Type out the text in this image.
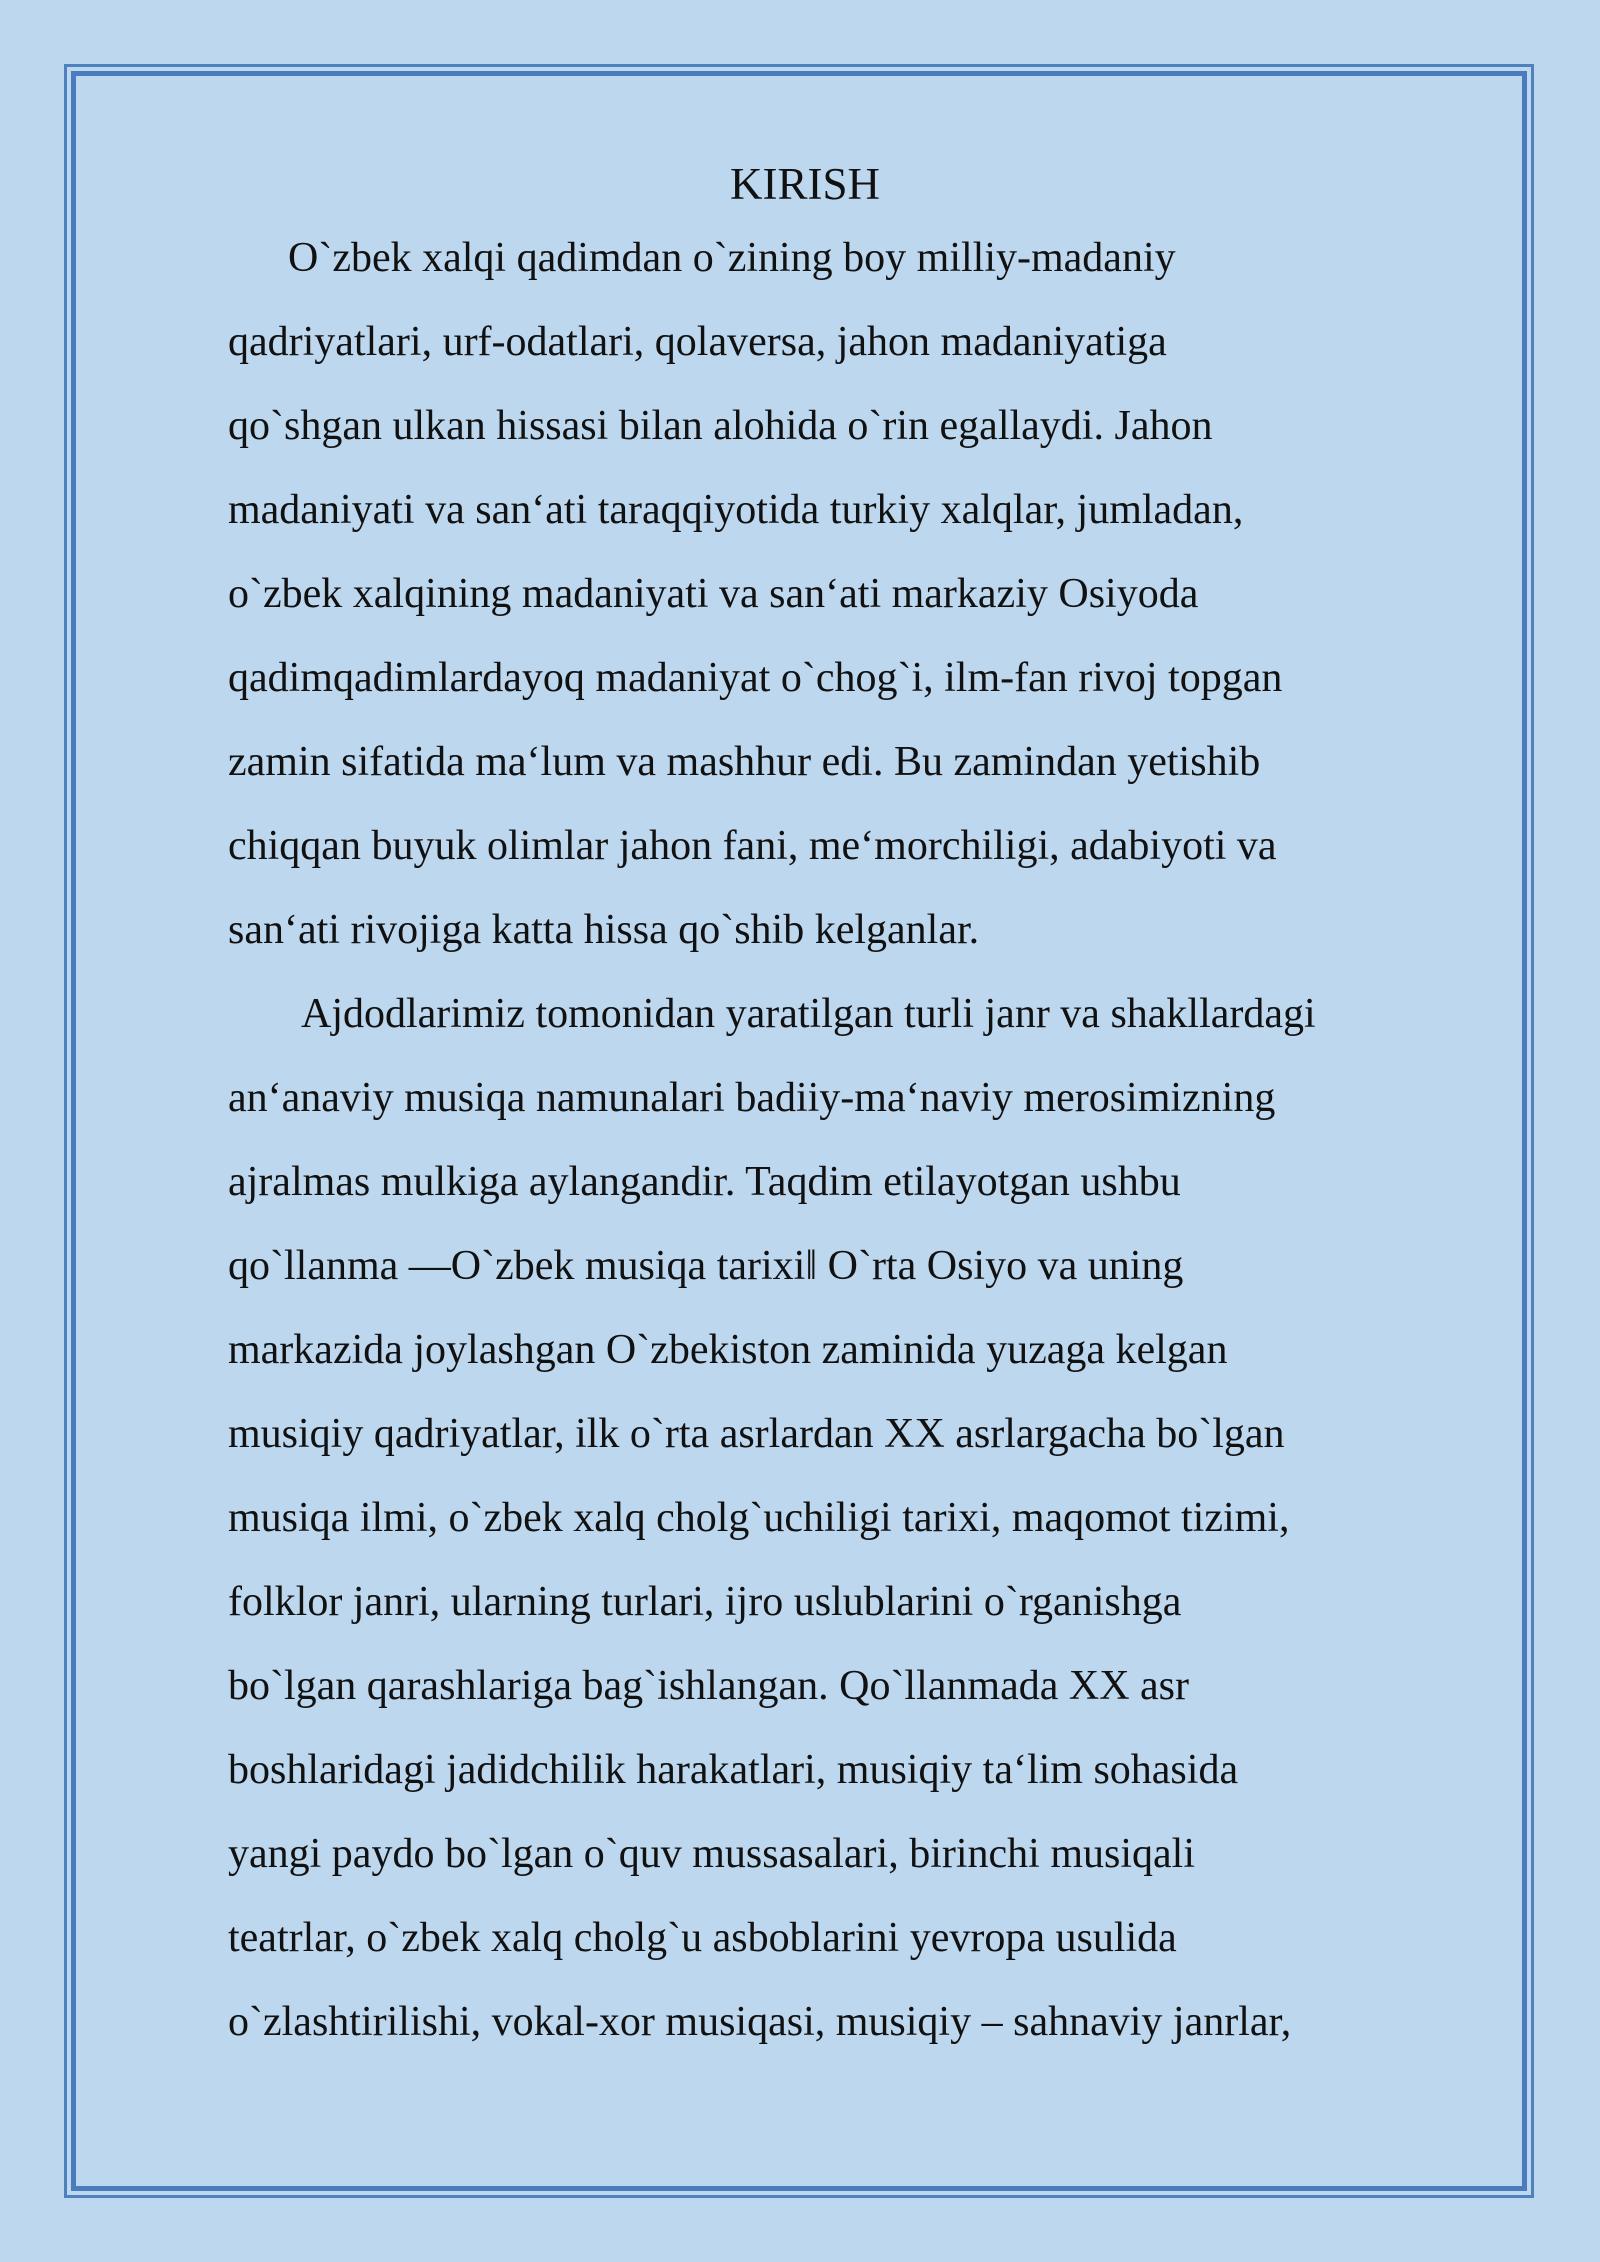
KIRISH

O`zbek xalqi qadimdan o`zining boy milliy-madaniy
qadriyatlari, urf-odatlari, qolaversa, jahon madaniyatiga
qo`shgan ulkan hissasi bilan alohida o`rin egallaydi. Jahon
madaniyati va san‘ati taraqqiyotida turkiy xalqlar, jumladan,
o`zbek xalqining madaniyati va san‘ati markaziy Osiyoda
qadimqadimlardayoq madaniyat o`chog`i, ilm-fan rivoj topgan
zamin sifatida ma‘lum va mashhur edi. Bu zamindan yetishib
chiqqan buyuk olimlar jahon fani, me‘morchiligi, adabiyoti va
san‘ati rivojiga katta hissa qo`shib kelganlar.

Ajdodlarimiz tomonidan yaratilgan turli janr va shakllardagi
an‘anaviy musiqa namunalari badiiy-ma‘naviy merosimizning
ajralmas mulkiga aylangandir. Taqdim etilayotgan ushbu
qo`llanma ―O`zbek musiqa tarixi‖ O`rta Osiyo va uning
markazida joylashgan O`zbekiston zaminida yuzaga kelgan
musiqiy qadriyatlar, ilk o`rta asrlardan XX asrlargacha bo`lgan
musiqa ilmi, o`zbek xalq cholg`uchiligi tarixi, maqomot tizimi,
folklor janri, ularning turlari, ijro uslublarini o`rganishga
bo`lgan qarashlariga bag`ishlangan. Qo`llanmada XX asr
boshlaridagi jadidchilik harakatlari, musiqiy ta‘lim sohasida
yangi paydo bo`lgan o`quv mussasalari, birinchi musiqali
teatrlar, o`zbek xalq cholg`u asboblarini yevropa usulida
o`zlashtirilishi, vokal-xor musiqasi, musiqiy – sahnaviy janrlar,
